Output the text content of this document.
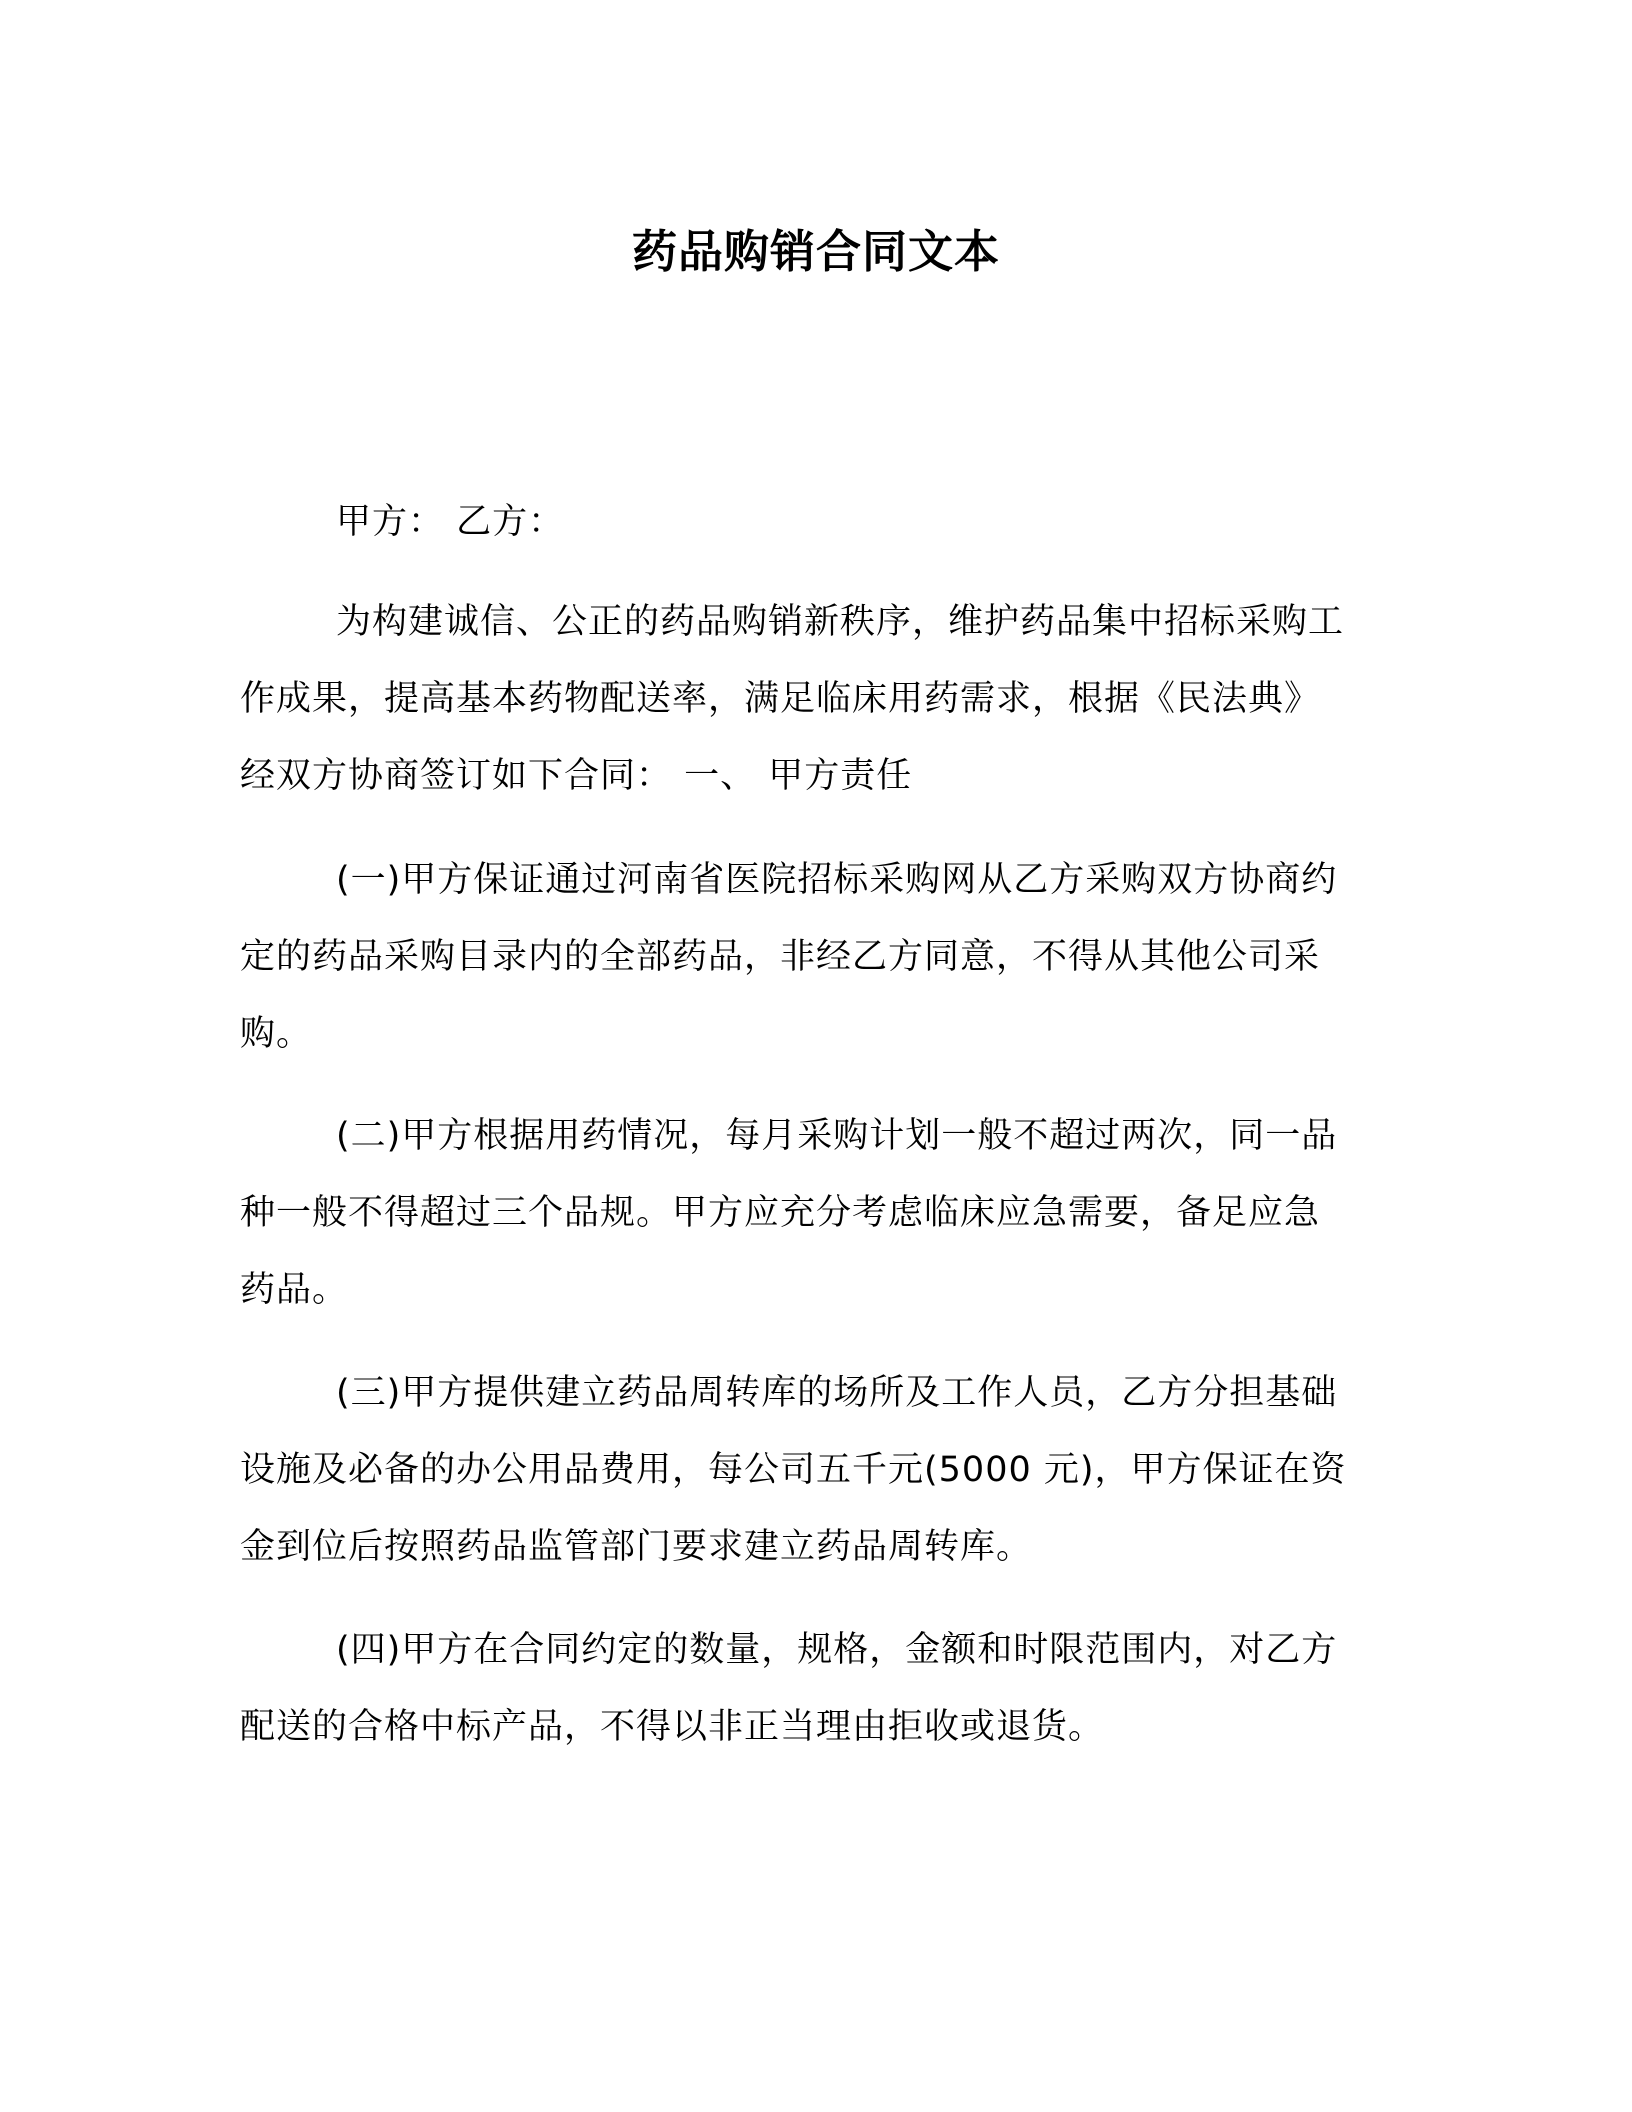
药品购销合同文本
甲方： 乙方：
为构建诚信、公正的药品购销新秩序，维护药品集中招标采购工
作成果，提高基本药物配送率，满足临床用药需求，根据《民法典》
经双方协商签订如下合同： 一、 甲方责任
(一)甲方保证通过河南省医院招标采购网从乙方采购双方协商约
定的药品采购目录内的全部药品，非经乙方同意，不得从其他公司采
购。
(二)甲方根据用药情况，每月采购计划一般不超过两次，同一品
种一般不得超过三个品规。甲方应充分考虑临床应急需要，备足应急
药品。
(三)甲方提供建立药品周转库的场所及工作人员，乙方分担基础
设施及必备的办公用品费用，每公司五千元(5000 元)，甲方保证在资
金到位后按照药品监管部门要求建立药品周转库。
(四)甲方在合同约定的数量，规格，金额和时限范围内，对乙方
配送的合格中标产品，不得以非正当理由拒收或退货。
